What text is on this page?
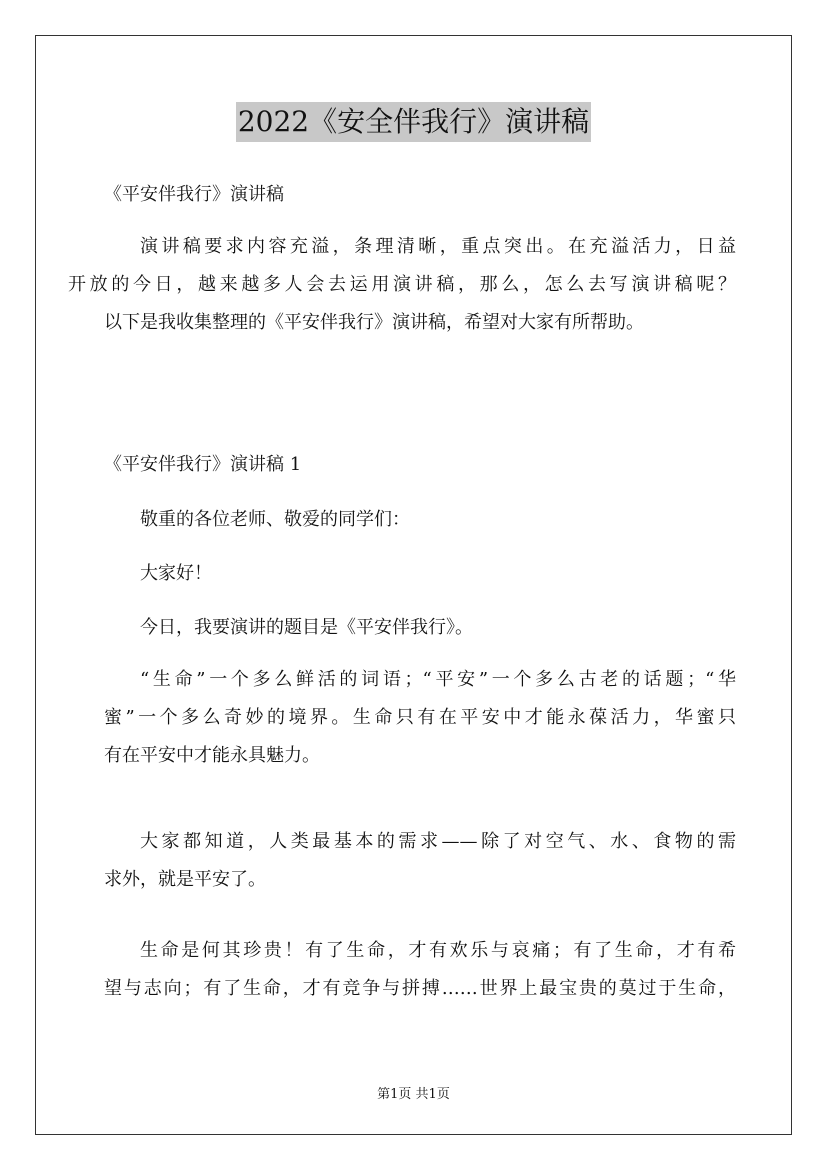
2022《安全伴我行》演讲稿

《平安伴我行》演讲稿

演讲稿要求内容充溢，条理清晰，重点突出。在充溢活力，日益
开放的今日，越来越多人会去运用演讲稿，那么，怎么去写演讲稿呢？
以下是我收集整理的《平安伴我行》演讲稿，希望对大家有所帮助。

《平安伴我行》演讲稿 1

敬重的各位老师、敬爱的同学们：

大家好！

今日，我要演讲的题目是《平安伴我行》。

“生命”一个多么鲜活的词语；“平安”一个多么古老的话题；“华
蜜”一个多么奇妙的境界。生命只有在平安中才能永葆活力，华蜜只
有在平安中才能永具魅力。

大家都知道，人类最基本的需求——除了对空气、水、食物的需
求外，就是平安了。

生命是何其珍贵！有了生命，才有欢乐与哀痛；有了生命，才有希
望与志向；有了生命，才有竞争与拼搏……世界上最宝贵的莫过于生命，

第1页 共1页
